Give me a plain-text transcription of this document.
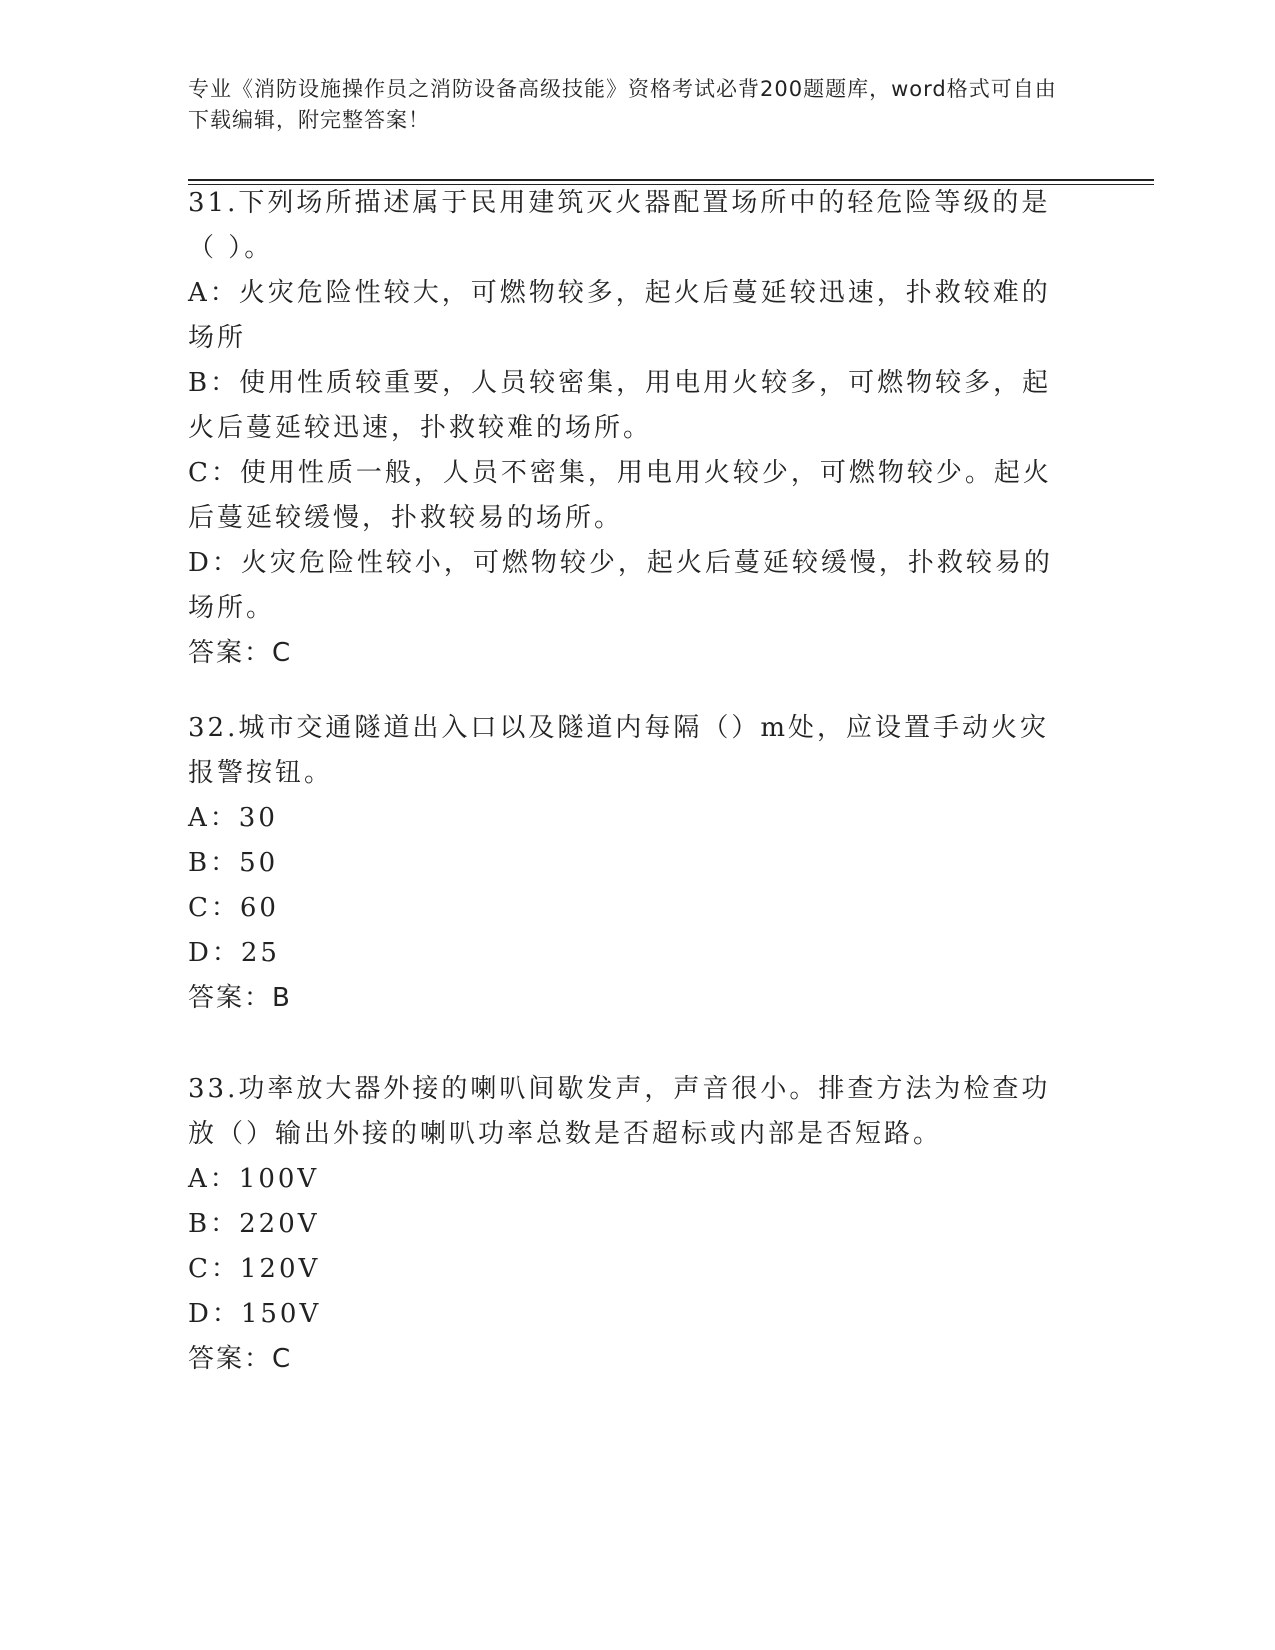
专业《消防设施操作员之消防设备高级技能》资格考试必背200题题库，word格式可自由下载编辑，附完整答案！
31.下列场所描述属于民用建筑灭火器配置场所中的轻危险等级的是（ ）。
A：火灾危险性较大，可燃物较多，起火后蔓延较迅速，扑救较难的场所
B：使用性质较重要，人员较密集，用电用火较多，可燃物较多，起火后蔓延较迅速，扑救较难的场所。
C：使用性质一般，人员不密集，用电用火较少，可燃物较少。起火后蔓延较缓慢，扑救较易的场所。
D：火灾危险性较小，可燃物较少，起火后蔓延较缓慢，扑救较易的场所。
答案：C
32.城市交通隧道出入口以及隧道内每隔（）m处，应设置手动火灾报警按钮。
A：30
B：50
C：60
D：25
答案：B
33.功率放大器外接的喇叭间歇发声，声音很小。排查方法为检查功放（）输出外接的喇叭功率总数是否超标或内部是否短路。
A：100V
B：220V
C：120V
D：150V
答案：C
